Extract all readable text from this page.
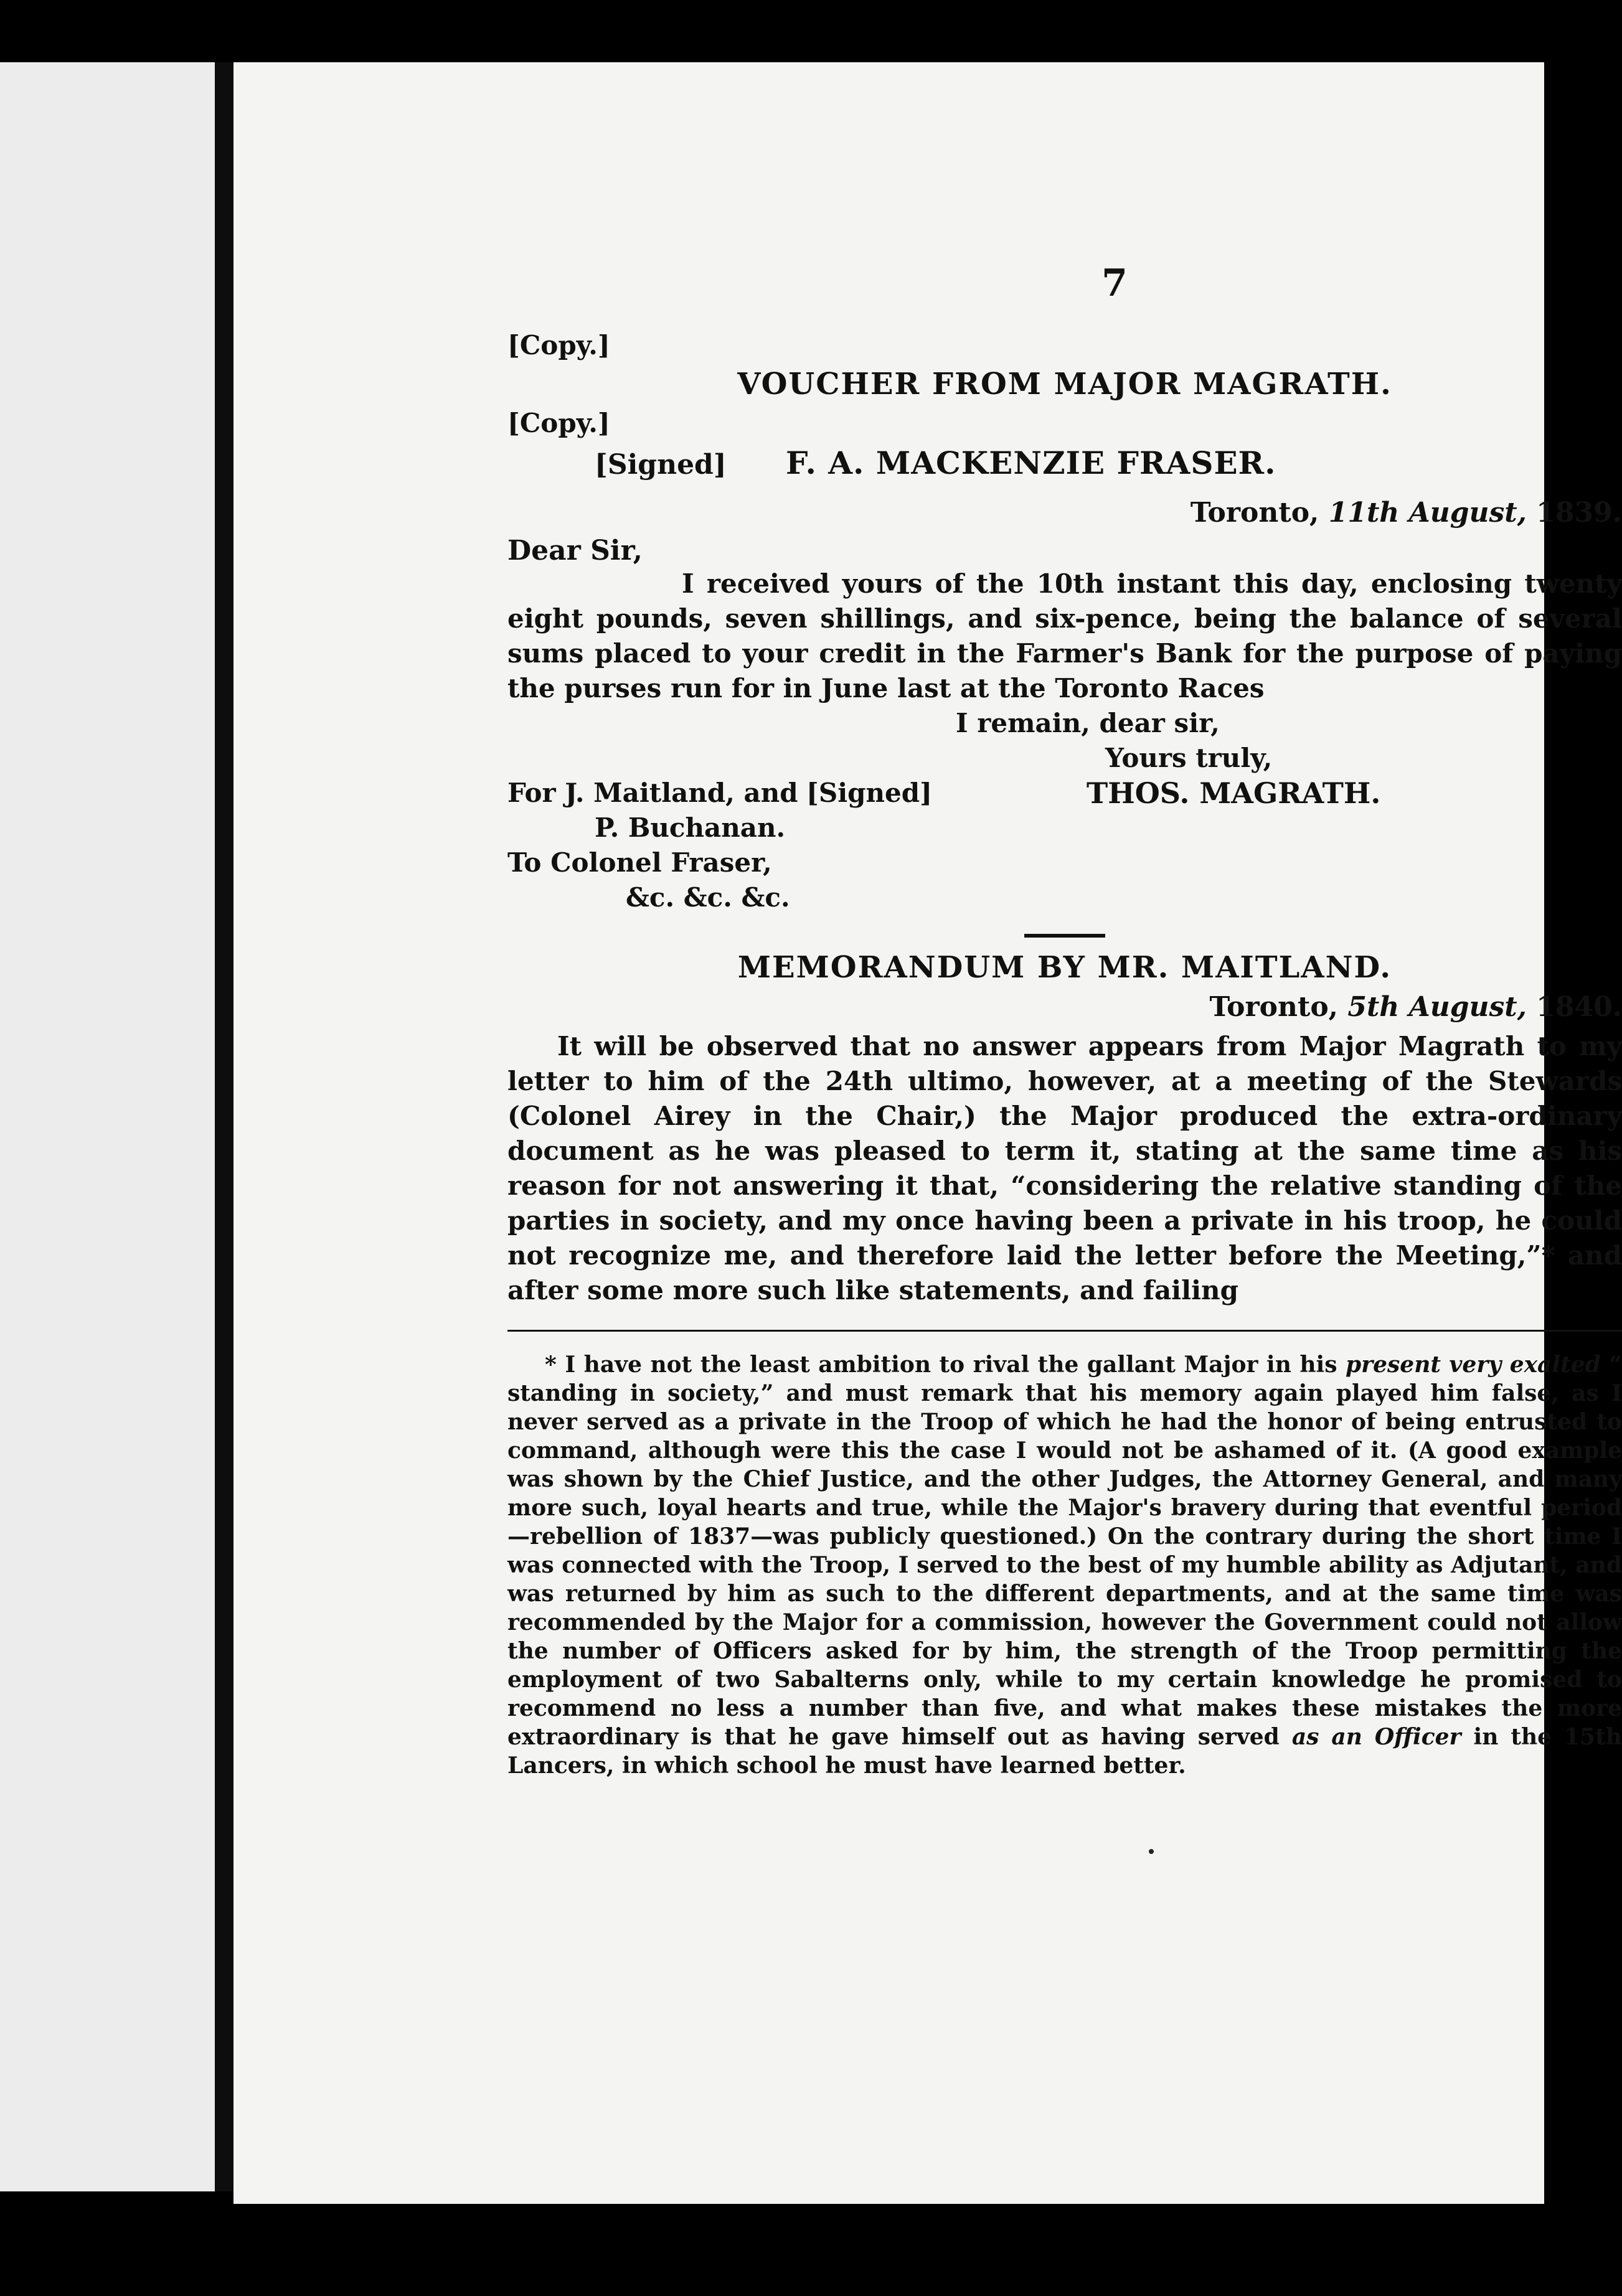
7

[Copy.]

VOUCHER FROM MAJOR MAGRATH.

[Copy.]

[Signed] F. A. MACKENZIE FRASER.
Toronto, 11th August, 1839.

Dear Sir,

I received yours of the 10th instant this day, enclosing twenty eight pounds, seven shillings, and six-pence, being the balance of several sums placed to your credit in the Farmer's Bank for the purpose of paying the purses run for in June last at the Toronto Races

I remain, dear sir,

Yours truly,

For J. Maitland, and [Signed]	THOS. MAGRATH.

P. Buchanan.

To Colonel Fraser,

&c. &c. &c.

MEMORANDUM BY MR. MAITLAND.
Toronto, 5th August, 1840.

It will be observed that no answer appears from Major Magrath to my letter to him of the 24th ultimo, however, at a meeting of the Stewards (Colonel Airey in the Chair,) the Major produced the extra-ordinary document as he was pleased to term it, stating at the same time as his reason for not answering it that, “considering the relative standing of the parties in society, and my once having been a private in his troop, he could not recognize me, and therefore laid the letter before the Meeting,”* and after some more such like statements, and failing

* I have not the least ambition to rival the gallant Major in his present very exalted “ standing in society,” and must remark that his memory again played him false, as I never served as a private in the Troop of which he had the honor of being entrusted to command, although were this the case I would not be ashamed of it. (A good example was shown by the Chief Justice, and the other Judges, the Attorney General, and many more such, loyal hearts and true, while the Major's bravery during that eventful period—rebellion of 1837—was publicly questioned.) On the contrary during the short time I was connected with the Troop, I served to the best of my humble ability as Adjutant, and was returned by him as such to the different departments, and at the same time was recommended by the Major for a commission, however the Government could not allow the number of Officers asked for by him, the strength of the Troop permitting the employment of two Sabalterns only, while to my certain knowledge he promised to recommend no less a number than five, and what makes these mistakes the more extraordinary is that he gave himself out as having served as an Officer in the 15th Lancers, in which school he must have learned better.
